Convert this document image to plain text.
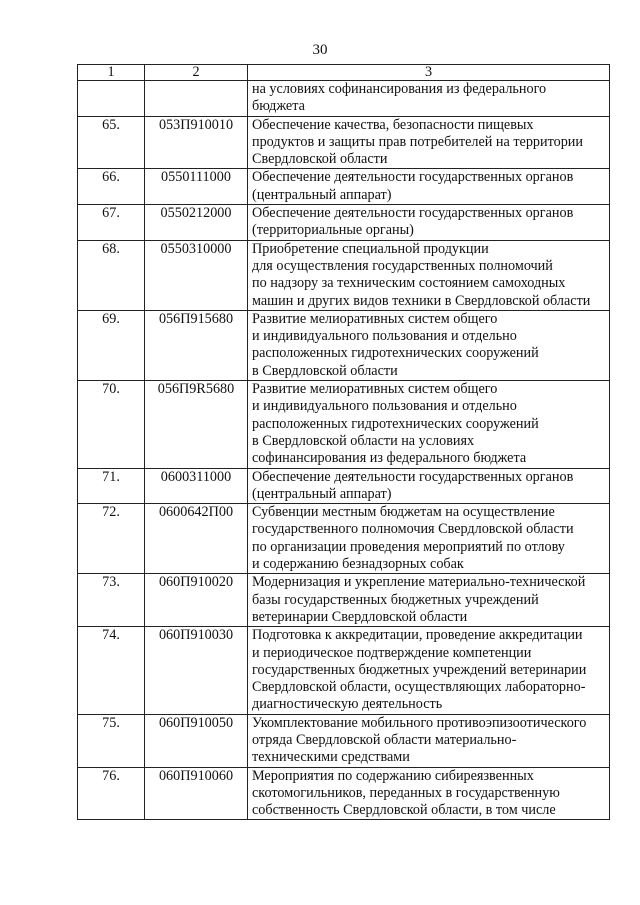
30
1	2	3
		на условиях софинансирования из федерального
бюджета
65.	053П910010	Обеспечение качества, безопасности пищевых
продуктов и защиты прав потребителей на территории
Свердловской области
66.	0550111000	Обеспечение деятельности государственных органов
(центральный аппарат)
67.	0550212000	Обеспечение деятельности государственных органов
(территориальные органы)
68.	0550310000	Приобретение специальной продукции
для осуществления государственных полномочий
по надзору за техническим состоянием самоходных
машин и других видов техники в Свердловской области
69.	056П915680	Развитие мелиоративных систем общего
и индивидуального пользования и отдельно
расположенных гидротехнических сооружений
в Свердловской области
70.	056П9R5680	Развитие мелиоративных систем общего
и индивидуального пользования и отдельно
расположенных гидротехнических сооружений
в Свердловской области на условиях
софинансирования из федерального бюджета
71.	0600311000	Обеспечение деятельности государственных органов
(центральный аппарат)
72.	0600642П00	Субвенции местным бюджетам на осуществление
государственного полномочия Свердловской области
по организации проведения мероприятий по отлову
и содержанию безнадзорных собак
73.	060П910020	Модернизация и укрепление материально-технической
базы государственных бюджетных учреждений
ветеринарии Свердловской области
74.	060П910030	Подготовка к аккредитации, проведение аккредитации
и периодическое подтверждение компетенции
государственных бюджетных учреждений ветеринарии
Свердловской области, осуществляющих лабораторно-
диагностическую деятельность
75.	060П910050	Укомплектование мобильного противоэпизоотического
отряда Свердловской области материально-
техническими средствами
76.	060П910060	Мероприятия по содержанию сибиреязвенных
скотомогильников, переданных в государственную
собственность Свердловской области, в том числе
